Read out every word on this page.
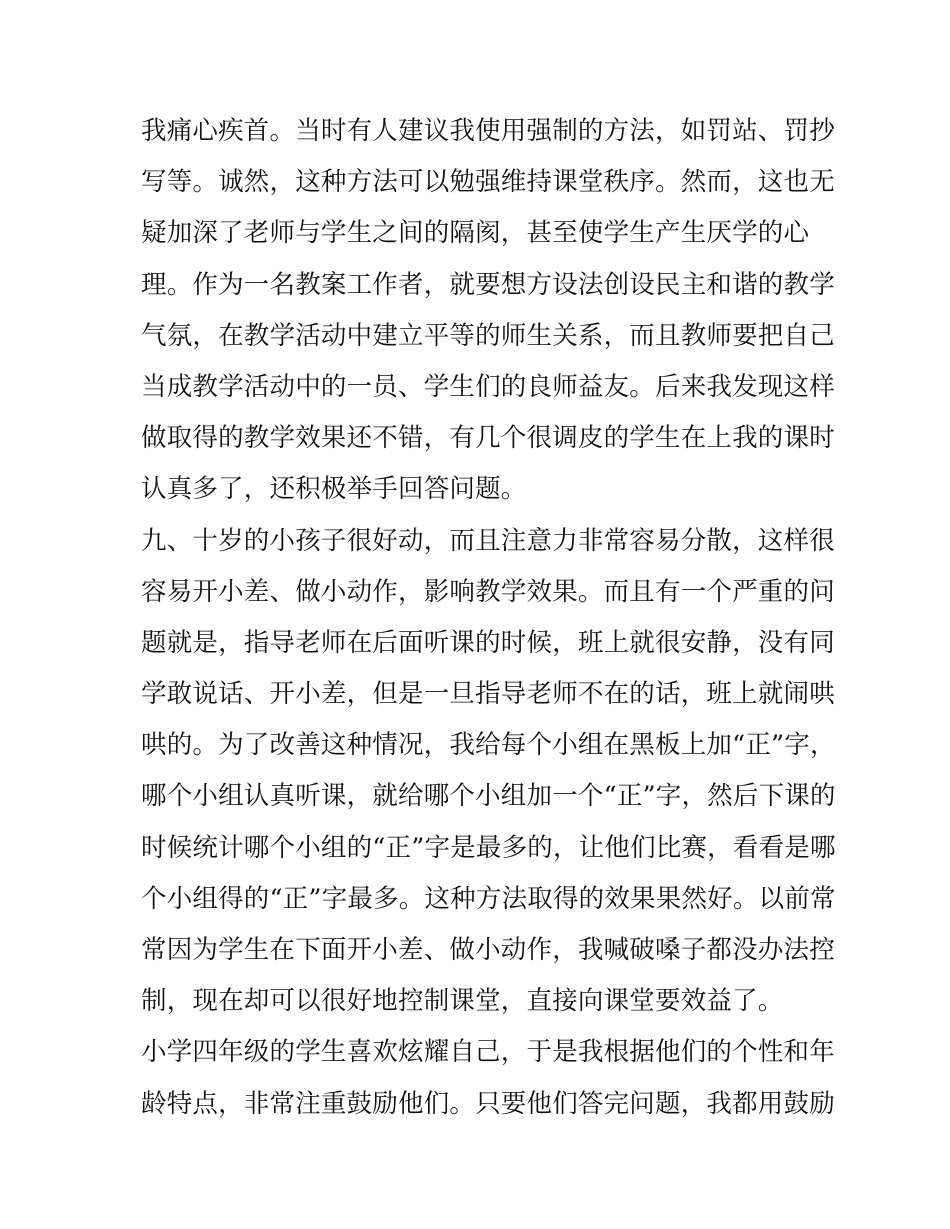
我痛心疾首。当时有人建议我使用强制的方法，如罚站、罚抄
写等。诚然，这种方法可以勉强维持课堂秩序。然而，这也无
疑加深了老师与学生之间的隔阂，甚至使学生产生厌学的心
理。作为一名教案工作者，就要想方设法创设民主和谐的教学
气氛，在教学活动中建立平等的师生关系，而且教师要把自己
当成教学活动中的一员、学生们的良师益友。后来我发现这样
做取得的教学效果还不错，有几个很调皮的学生在上我的课时
认真多了，还积极举手回答问题。
九、十岁的小孩子很好动，而且注意力非常容易分散，这样很
容易开小差、做小动作，影响教学效果。而且有一个严重的问
题就是，指导老师在后面听课的时候，班上就很安静，没有同
学敢说话、开小差，但是一旦指导老师不在的话，班上就闹哄
哄的。为了改善这种情况，我给每个小组在黑板上加“正”字，
哪个小组认真听课，就给哪个小组加一个“正”字，然后下课的
时候统计哪个小组的“正”字是最多的，让他们比赛，看看是哪
个小组得的“正”字最多。这种方法取得的效果果然好。以前常
常因为学生在下面开小差、做小动作，我喊破嗓子都没办法控
制，现在却可以很好地控制课堂，直接向课堂要效益了。
小学四年级的学生喜欢炫耀自己，于是我根据他们的个性和年
龄特点，非常注重鼓励他们。只要他们答完问题，我都用鼓励
